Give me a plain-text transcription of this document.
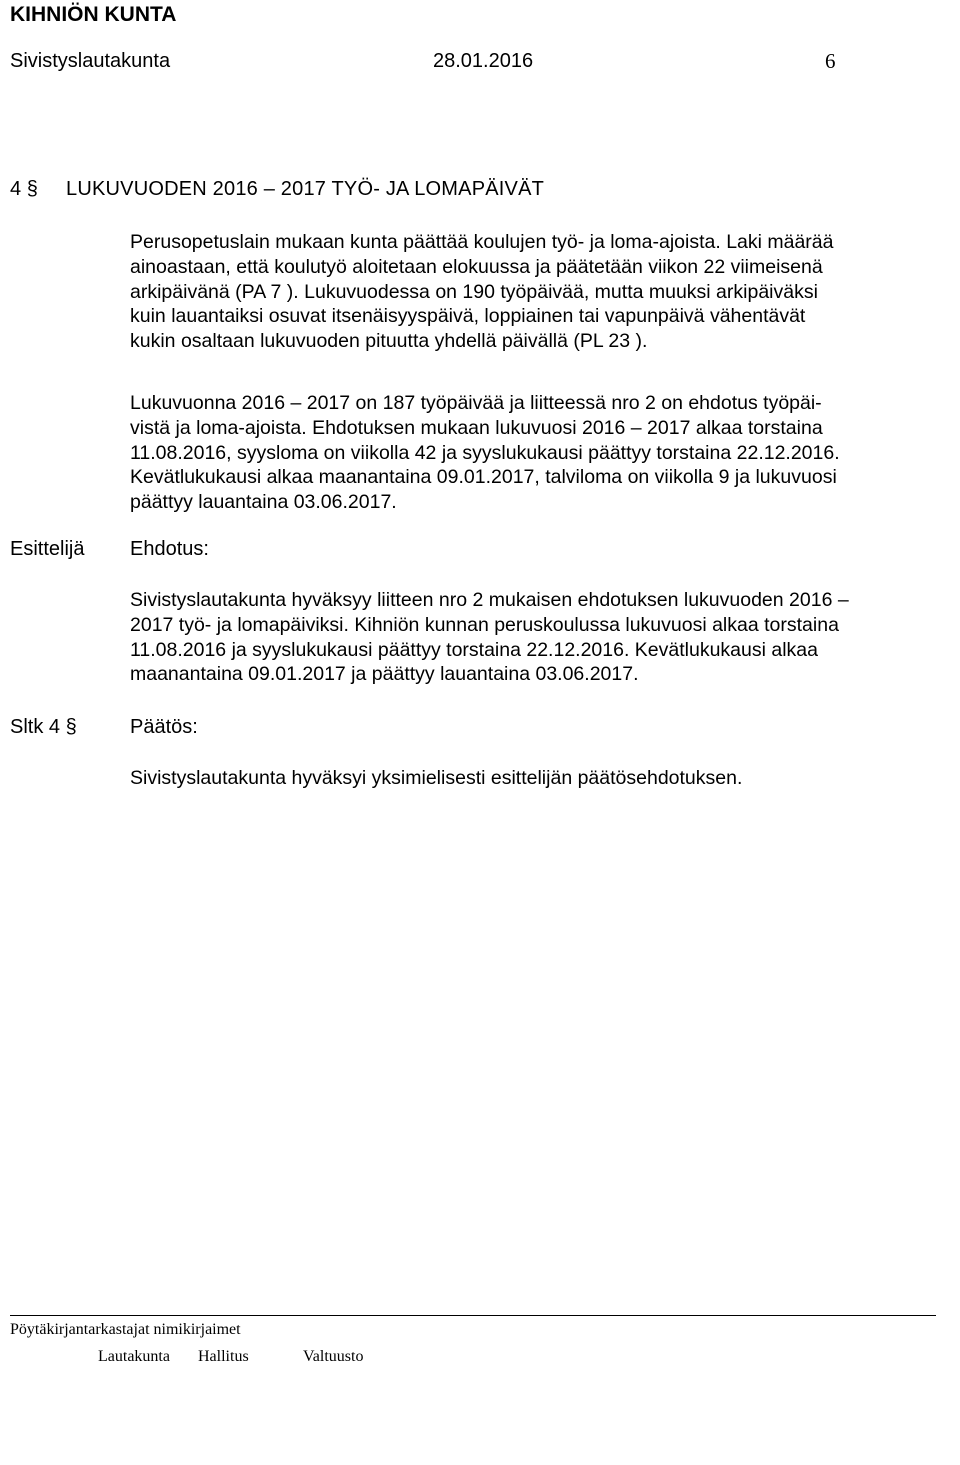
KIHNIÖN KUNTA
Sivistyslautakunta	28.01.2016	6
4 § LUKUVUODEN 2016 – 2017 TYÖ- JA LOMAPÄIVÄT
Perusopetuslain mukaan kunta päättää koulujen työ- ja loma-ajoista. Laki määrää
ainoastaan, että koulutyö aloitetaan elokuussa ja päätetään viikon 22 viimeisenä
arkipäivänä (PA 7 ). Lukuvuodessa on 190 työpäivää, mutta muuksi arkipäiväksi
kuin lauantaiksi osuvat itsenäisyyspäivä, loppiainen tai vapunpäivä vähentävät
kukin osaltaan lukuvuoden pituutta yhdellä päivällä (PL 23 ).
Lukuvuonna 2016 – 2017 on 187 työpäivää ja liitteessä nro 2 on ehdotus työpäi-
vistä ja loma-ajoista. Ehdotuksen mukaan lukuvuosi 2016 – 2017 alkaa torstaina
11.08.2016, syysloma on viikolla 42 ja syyslukukausi päättyy torstaina 22.12.2016.
Kevätlukukausi alkaa maanantaina 09.01.2017, talviloma on viikolla 9 ja lukuvuosi
päättyy lauantaina 03.06.2017.
Esittelijä Ehdotus:
Sivistyslautakunta hyväksyy liitteen nro 2 mukaisen ehdotuksen lukuvuoden 2016 –
2017 työ- ja lomapäiviksi. Kihniön kunnan peruskoulussa lukuvuosi alkaa torstaina
11.08.2016 ja syyslukukausi päättyy torstaina 22.12.2016. Kevätlukukausi alkaa
maanantaina 09.01.2017 ja päättyy lauantaina 03.06.2017.
Sltk 4 §	Päätös:
Sivistyslautakunta hyväksyi yksimielisesti esittelijän päätösehdotuksen.
Pöytäkirjantarkastajat nimikirjaimet
Lautakunta Hallitus	Valtuusto
